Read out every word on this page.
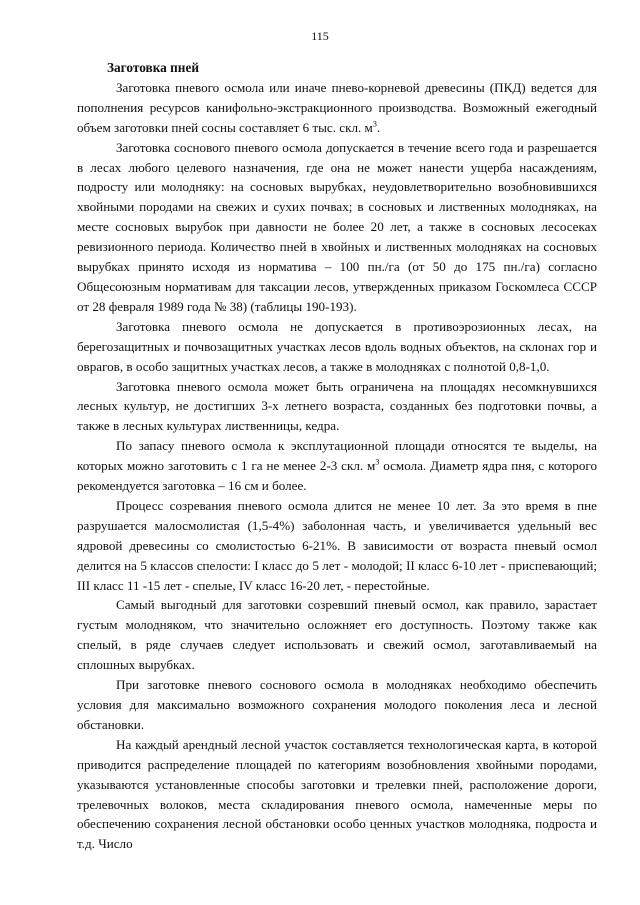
115

Заготовка пней

Заготовка пневого осмола или иначе пнево-корневой древесины (ПКД) ведется для пополнения ресурсов канифольно-экстракционного производства. Возможный ежегодный объем заготовки пней сосны составляет 6 тыс. скл. $м^3$.

Заготовка соснового пневого осмола допускается в течение всего года и разрешается в лесах любого целевого назначения, где она не может нанести ущерба насаждениям, подросту или молодняку: на сосновых вырубках, неудовлетворительно возобновившихся хвойными породами на свежих и сухих почвах; в сосновых и лиственных молодняках, на месте сосновых вырубок при давности не более 20 лет, а также в сосновых лесосеках ревизионного периода. Количество пней в хвойных и лиственных молодняках на сосновых вырубках принято исходя из норматива – 100 пн./га (от 50 до 175 пн./га) согласно Общесоюзным нормативам для таксации лесов, утвержденных приказом Госкомлеса СССР от 28 февраля 1989 года № 38) (таблицы 190-193).

Заготовка пневого осмола не допускается в противоэрозионных лесах, на берегозащитных и почвозащитных участках лесов вдоль водных объектов, на склонах гор и оврагов, в особо защитных участках лесов, а также в молодняках с полнотой 0,8-1,0.

Заготовка пневого осмола может быть ограничена на площадях несомкнувшихся лесных культур, не достигших 3-х летнего возраста, созданных без подготовки почвы, а также в лесных культурах лиственницы, кедра.

По запасу пневого осмола к эксплутационной площади относятся те выделы, на которых можно заготовить с 1 га не менее 2-3 скл. $м^3$ осмола. Диаметр ядра пня, с которого рекомендуется заготовка – 16 см и более.

Процесс созревания пневого осмола длится не менее 10 лет. За это время в пне разрушается малосмолистая (1,5-4%) заболонная часть, и увеличивается удельный вес ядровой древесины со смолистостью 6-21%. В зависимости от возраста пневый осмол делится на 5 классов спелости: I класс до 5 лет - молодой; II класс 6-10 лет - приспевающий; III класс 11 -15 лет - спелые, IV класс 16-20 лет, - перестойные.

Самый выгодный для заготовки созревший пневый осмол, как правило, зарастает густым молодняком, что значительно осложняет его доступность. Поэтому также как спелый, в ряде случаев следует использовать и свежий осмол, заготавливаемый на сплошных вырубках.

При заготовке пневого соснового осмола в молодняках необходимо обеспечить условия для максимально возможного сохранения молодого поколения леса и лесной обстановки.

На каждый арендный лесной участок составляется технологическая карта, в которой приводится распределение площадей по категориям возобновления хвойными породами, указываются установленные способы заготовки и трелевки пней, расположение дороги, трелевочных волоков, места складирования пневого осмола, намеченные меры по обеспечению сохранения лесной обстановки особо ценных участков молодняка, подроста и т.д. Число
